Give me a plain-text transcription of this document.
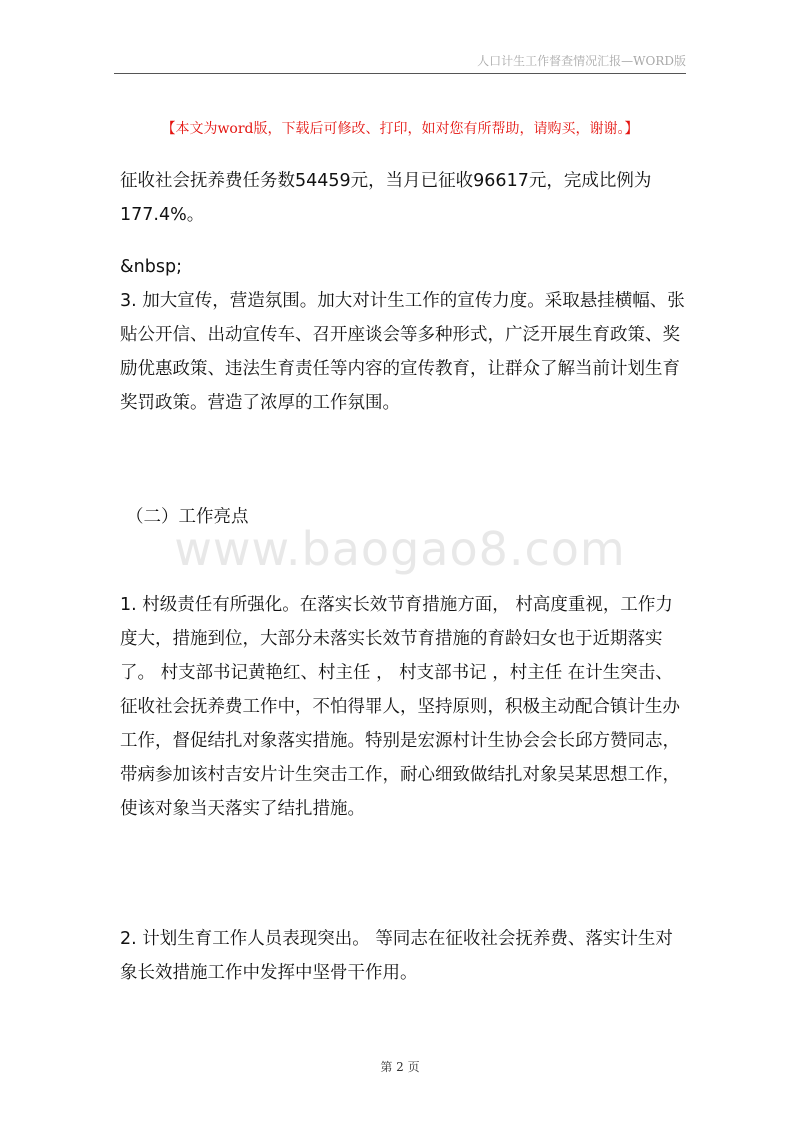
人口计生工作督查情况汇报—WORD版
【本文为word版，下载后可修改、打印，如对您有所帮助，请购买，谢谢。】
www.baogao8.com

征收社会抚养费任务数54459元，当月已征收96617元，完成比例为177.4%。

&nbsp;

3. 加大宣传，营造氛围。加大对计生工作的宣传力度。采取悬挂横幅、张贴公开信、出动宣传车、召开座谈会等多种形式，广泛开展生育政策、奖励优惠政策、违法生育责任等内容的宣传教育，让群众了解当前计划生育奖罚政策。营造了浓厚的工作氛围。

（二）工作亮点

1. 村级责任有所强化。在落实长效节育措施方面， 村高度重视，工作力度大，措施到位，大部分未落实长效节育措施的育龄妇女也于近期落实了。 村支部书记黄艳红、村主任 ， 村支部书记 ，村主任 在计生突击、征收社会抚养费工作中，不怕得罪人，坚持原则，积极主动配合镇计生办工作，督促结扎对象落实措施。特别是宏源村计生协会会长邱方赞同志，带病参加该村吉安片计生突击工作，耐心细致做结扎对象吴某思想工作，使该对象当天落实了结扎措施。

2. 计划生育工作人员表现突出。 等同志在征收社会抚养费、落实计生对象长效措施工作中发挥中坚骨干作用。

第 2 页
